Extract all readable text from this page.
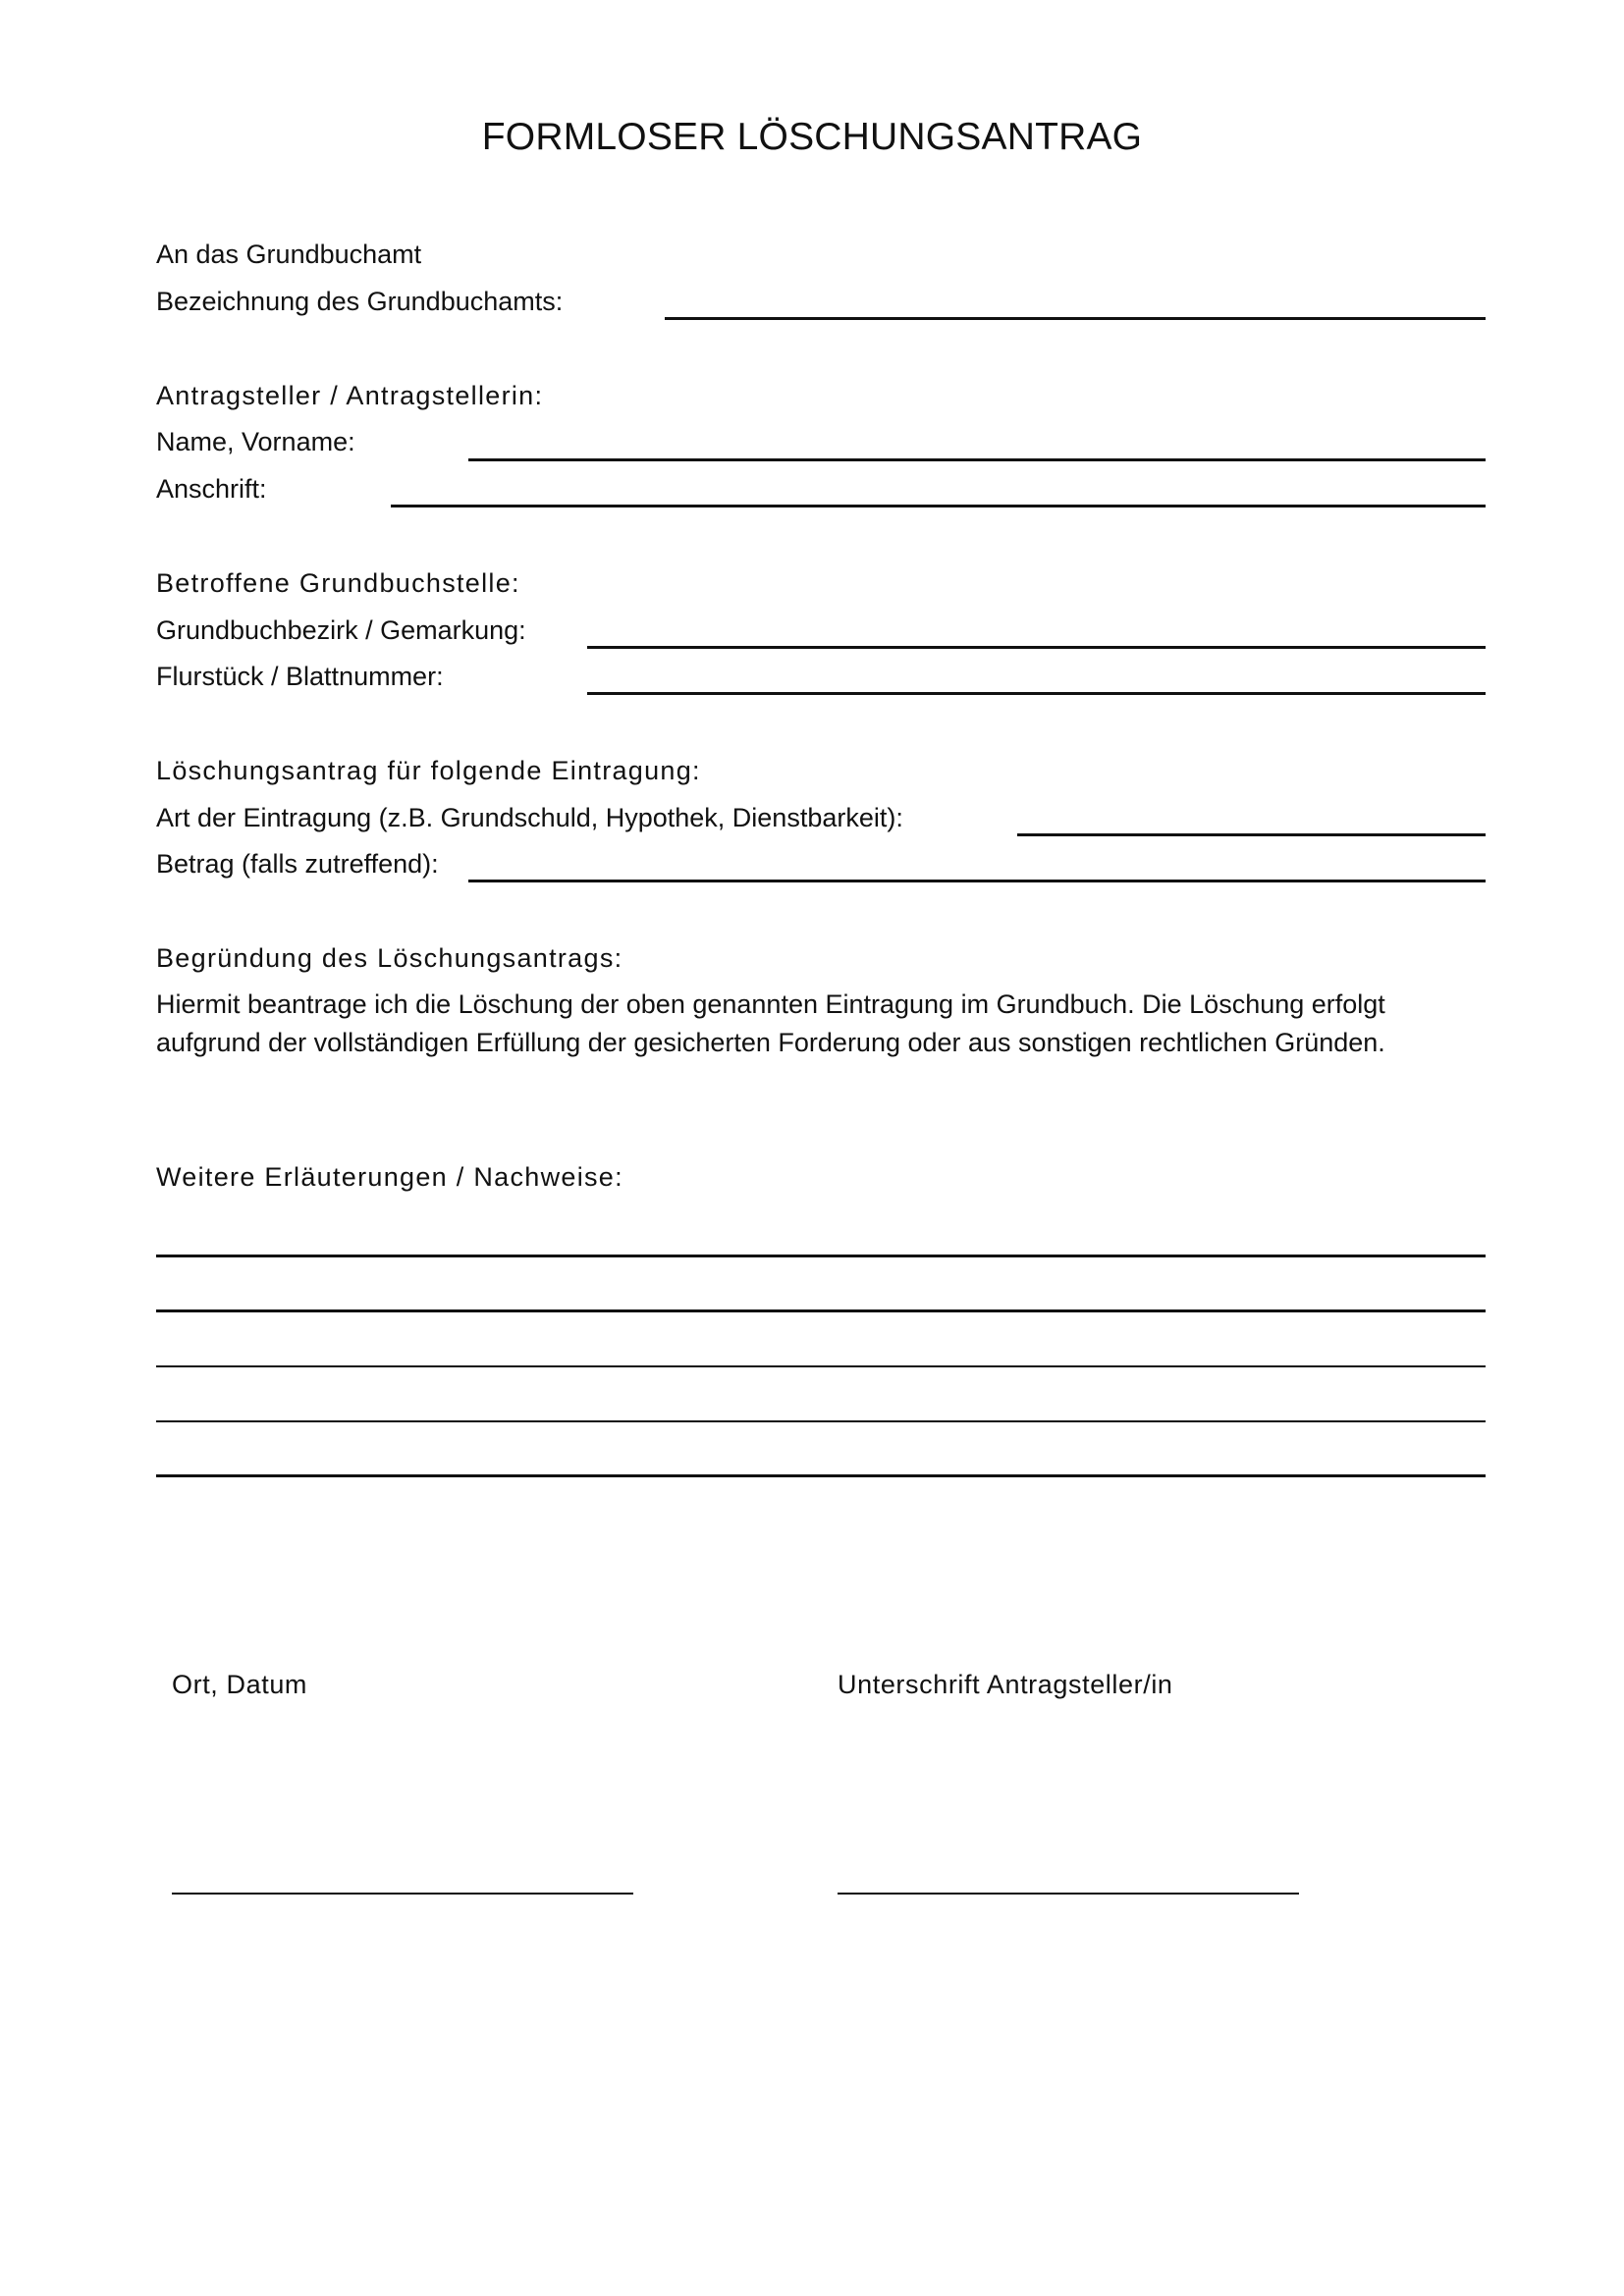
FORMLOSER LÖSCHUNGSANTRAG
An das Grundbuchamt
Bezeichnung des Grundbuchamts:
Antragsteller / Antragstellerin:
Name, Vorname:
Anschrift:
Betroffene Grundbuchstelle:
Grundbuchbezirk / Gemarkung:
Flurstück / Blattnummer:
Löschungsantrag für folgende Eintragung:
Art der Eintragung (z.B. Grundschuld, Hypothek, Dienstbarkeit):
Betrag (falls zutreffend):
Begründung des Löschungsantrags:
Hiermit beantrage ich die Löschung der oben genannten Eintragung im Grundbuch. Die Löschung erfolgt aufgrund der vollständigen Erfüllung der gesicherten Forderung oder aus sonstigen rechtlichen Gründen.
Weitere Erläuterungen / Nachweise:
Ort, Datum	Unterschrift Antragsteller/in
